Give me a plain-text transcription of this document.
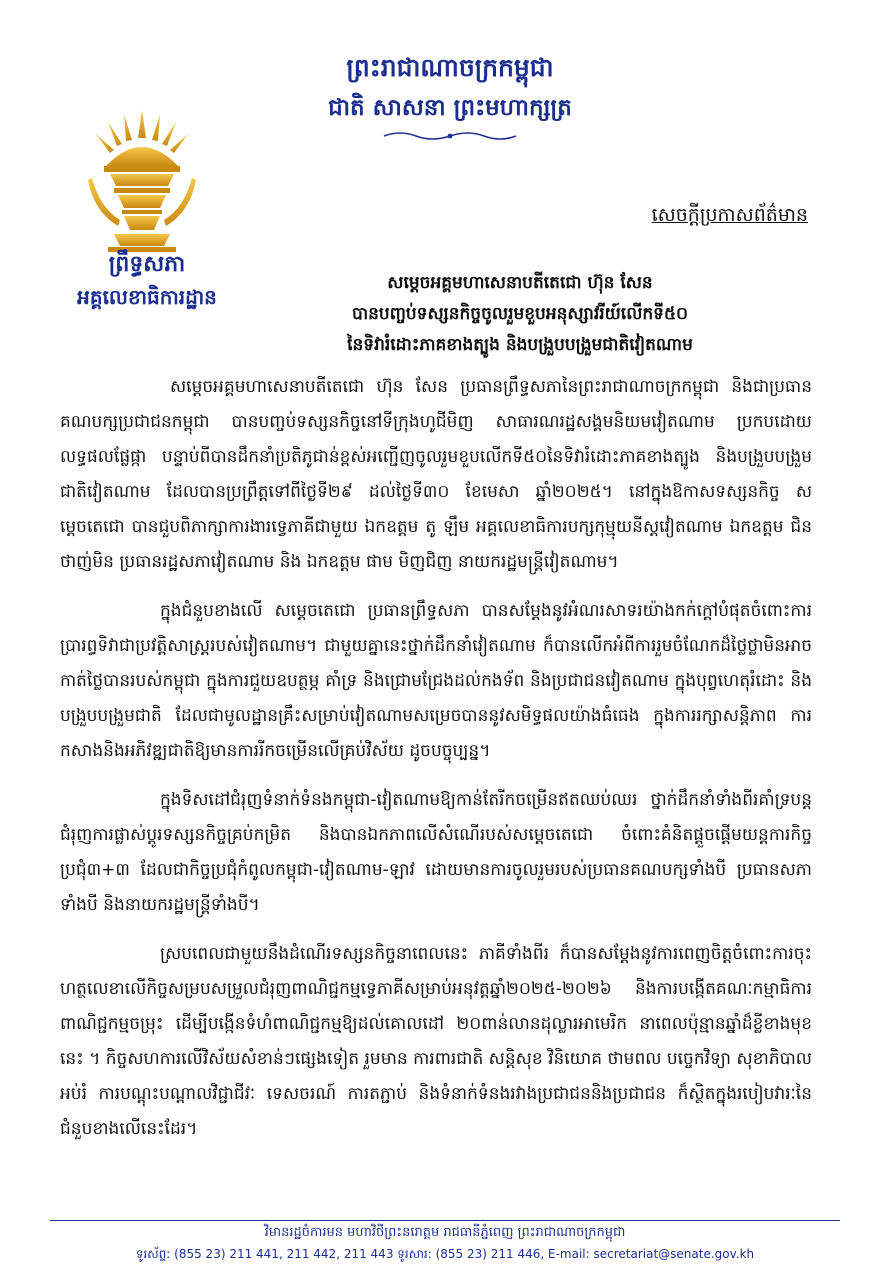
ព្រះរាជាណាចក្រកម្ពុជា
ជាតិ សាសនា ព្រះមហាក្សត្រ
ព្រឹទ្ធសភា
អគ្គលេខាធិការដ្ឋាន
សេចក្តីប្រកាសព័ត៌មាន
សម្តេចអគ្គមហាសេនាបតីតេជោ ហ៊ុន សែន
បានបញ្ចប់ទស្សនកិច្ចចូលរួមខួបអនុស្សាវរីយ៍លើកទី៥០
នៃទិវារំដោះភាគខាងត្បូង និងបង្រួបបង្រួមជាតិវៀតណាម

សម្តេចអគ្គមហាសេនាបតីតេជោ ហ៊ុន សែន ប្រធានព្រឹទ្ធសភានៃព្រះរាជាណាចក្រកម្ពុជា និងជាប្រធានគណបក្សប្រជាជនកម្ពុជា បានបញ្ចប់ទស្សនកិច្ចនៅទីក្រុងហូជីមិញ សាធារណរដ្ឋសង្គមនិយមវៀតណាម ប្រកបដោយលទ្ធផលផ្លែផ្កា បន្ទាប់ពីបានដឹកនាំប្រតិភូជាន់ខ្ពស់អញ្ជើញចូលរួមខួបលើកទី៥០នៃទិវារំដោះភាគខាងត្បូង និងបង្រួបបង្រួមជាតិវៀតណាម ដែលបានប្រព្រឹត្តទៅពីថ្ងៃទី២៩ ដល់ថ្ងៃទី៣០ ខែមេសា ឆ្នាំ២០២៥។ នៅក្នុងឱកាសទស្សនកិច្ច សម្តេចតេជោ បានជួបពិភាក្សាការងារទ្វេភាគីជាមួយ ឯកឧត្តម តូ ឡឹម អគ្គលេខាធិការបក្សកុម្មុយនីស្តវៀតណាម ឯកឧត្តម ជិន ថាញ់មិន ប្រធានរដ្ឋសភាវៀតណាម និង ឯកឧត្តម ផាម មិញជិញ នាយករដ្ឋមន្ត្រីវៀតណាម។

ក្នុងជំនួបខាងលើ សម្តេចតេជោ ប្រធានព្រឹទ្ធសភា បានសម្តែងនូវអំណរសាទរយ៉ាងកក់ក្តៅបំផុតចំពោះការប្រារព្ធទិវាជាប្រវត្តិសាស្ត្ររបស់វៀតណាម។ ជាមួយគ្នានេះថ្នាក់ដឹកនាំវៀតណាម ក៏បានលើកអំពីការរួមចំណែកដ៏ថ្លៃថ្លាមិនអាចកាត់ថ្លៃបានរបស់កម្ពុជា ក្នុងការជួយឧបត្ថម្ភ គាំទ្រ និងជ្រោមជ្រែងដល់កងទ័ព និងប្រជាជនវៀតណាម ក្នុងបុព្វហេតុរំដោះ និងបង្រួបបង្រួមជាតិ ដែលជាមូលដ្ឋានគ្រឹះសម្រាប់វៀតណាមសម្រេចបាននូវសមិទ្ធផលយ៉ាងធំធេង ក្នុងការរក្សាសន្តិភាព ការកសាងនិងអភិវឌ្ឍជាតិឱ្យមានការរីកចម្រើនលើគ្រប់វិស័យ ដូចបច្ចុប្បន្ន។

ក្នុងទិសដៅជំរុញទំនាក់ទំនងកម្ពុជា-វៀតណាមឱ្យកាន់តែរីកចម្រើនឥតឈប់ឈរ ថ្នាក់ដឹកនាំទាំងពីរគាំទ្របន្តជំរុញការផ្លាស់ប្តូរទស្សនកិច្ចគ្រប់កម្រិត និងបានឯកភាពលើសំណើរបស់សម្តេចតេជោ ចំពោះគំនិតផ្តួចផ្តើមយន្តការកិច្ចប្រជុំ៣+៣ ដែលជាកិច្ចប្រជុំកំពូលកម្ពុជា-វៀតណាម-ឡាវ ដោយមានការចូលរួមរបស់ប្រធានគណបក្សទាំងបី ប្រធានសភាទាំងបី និងនាយករដ្ឋមន្ត្រីទាំងបី។

ស្របពេលជាមួយនឹងដំណើរទស្សនកិច្ចនាពេលនេះ ភាគីទាំងពីរ ក៏បានសម្តែងនូវការពេញចិត្តចំពោះការចុះហត្ថលេខាលើកិច្ចសម្របសម្រួលជំរុញពាណិជ្ជកម្មទ្វេភាគីសម្រាប់អនុវត្តឆ្នាំ២០២៥-២០២៦ និងការបង្កើតគណៈកម្មាធិការពាណិជ្ជកម្មចម្រុះ ដើម្បីបង្កើនទំហំពាណិជ្ជកម្មឱ្យដល់គោលដៅ ២០ពាន់លានដុល្លារអាមេរិក នាពេលប៉ុន្មានឆ្នាំដ៏ខ្លីខាងមុខនេះ ។ កិច្ចសហការលើវិស័យសំខាន់ៗផ្សេងទៀត រួមមាន ការពារជាតិ សន្តិសុខ វិនិយោគ ថាមពល បច្ចេកវិទ្យា សុខាភិបាល អប់រំ ការបណ្តុះបណ្តាលវិជ្ជាជីវៈ ទេសចរណ៍ ការតភ្ជាប់ និងទំនាក់ទំនងរវាងប្រជាជននិងប្រជាជន ក៏ស្ថិតក្នុងរបៀបវារៈនៃជំនួបខាងលើនេះដែរ។

វិមានរដ្ឋចំការមន មហាវិថីព្រះនរោត្តម រាជធានីភ្នំពេញ ព្រះរាជាណាចក្រកម្ពុជា
ទូរស័ព្ទ: (855 23) 211 441, 211 442, 211 443 ទូរសារ: (855 23) 211 446, E-mail: secretariat@senate.gov.kh
